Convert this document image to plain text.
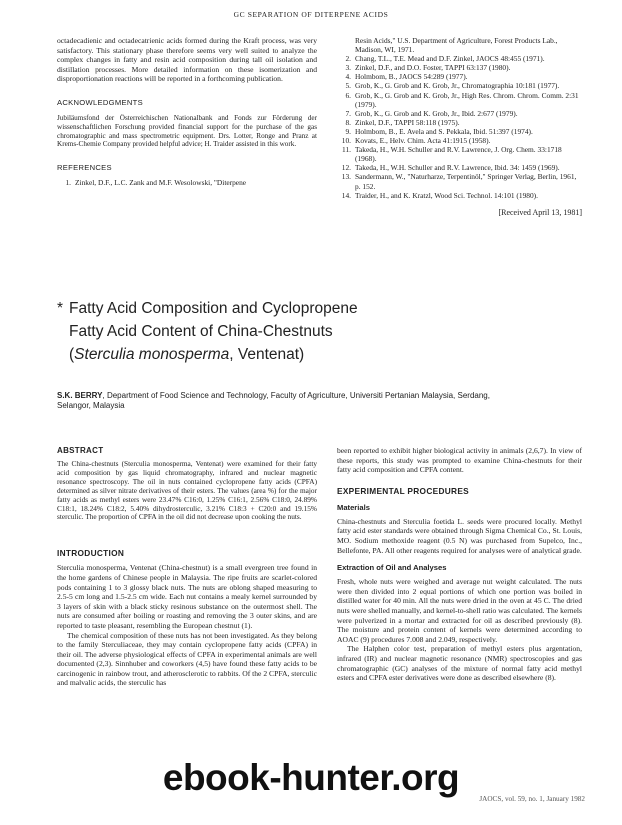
GC SEPARATION OF DITERPENE ACIDS

octadecadienic and octadecatrienic acids formed during the Kraft process, was very satisfactory. This stationary phase therefore seems very well suited to analyze the complex changes in fatty and resin acid composition during tall oil isolation and distillation processes. More detailed information on these isomerization and disproportionation reactions will be reported in a forthcoming publication.

ACKNOWLEDGMENTS

Jubiläumsfond der Österreichischen Nationalbank and Fonds zur Förderung der wissenschaftlichen Forschung provided financial support for the purchase of the gas chromatographic and mass spectrometric equipment. Drs. Lotter, Ronge and Pranz at Krems-Chemie Company provided helpful advice; H. Traider assisted in this work.

REFERENCES

1. Zinkel, D.F., L.C. Zank and M.F. Wesolowski, "Diterpene
Resin Acids," U.S. Department of Agriculture, Forest Products Lab., Madison, WI, 1971.
2. Chang, T.L., T.E. Mead and D.F. Zinkel, JAOCS 48:455 (1971).
3. Zinkel, D.F., and D.O. Foster, TAPPI 63:137 (1980).
4. Holmbom, B., JAOCS 54:289 (1977).
5. Grob, K., G. Grob and K. Grob, Jr., Chromatographia 10:181 (1977).
6. Grob, K., G. Grob and K. Grob, Jr., High Res. Chrom. Chrom. Comm. 2:31 (1979).
7. Grob, K., G. Grob and K. Grob, Jr., Ibid. 2:677 (1979).
8. Zinkel, D.F., TAPPI 58:118 (1975).
9. Holmbom, B., E. Avela and S. Pekkala, Ibid. 51:397 (1974).
10. Kovats, E., Helv. Chim. Acta 41:1915 (1958).
11. Takeda, H., W.H. Schuller and R.V. Lawrence, J. Org. Chem. 33:1718 (1968).
12. Takeda, H., W.H. Schuller and R.V. Lawrence, Ibid. 34: 1459 (1969).
13. Sandermann, W., "Naturharze, Terpentinöl," Springer Verlag, Berlin, 1961, p. 152.
14. Traider, H., and K. Kratzl, Wood Sci. Technol. 14:101 (1980).
[Received April 13, 1981]
* Fatty Acid Composition and Cyclopropene
Fatty Acid Content of China-Chestnuts
(Sterculia monosperma, Ventenat)
S.K. BERRY, Department of Food Science and Technology, Faculty of Agriculture, Universiti Pertanian Malaysia, Serdang, Selangor, Malaysia

ABSTRACT

The China-chestnuts (Sterculia monosperma, Ventenat) were examined for their fatty acid composition by gas liquid chromatography, infrared and nuclear magnetic resonance spectroscopy. The oil in nuts contained cyclopropene fatty acids (CPFA) determined as silver nitrate derivatives of their esters. The values (area %) for the major fatty acids as methyl esters were 23.47% C16:0, 1.25% C16:1, 2.56% C18:0, 24.89% C18:1, 18.24% C18:2, 5.40% dihydrosterculic, 3.21% C18:3 + C20:0 and 19.15% sterculic. The proportion of CPFA in the oil did not decrease upon cooking the nuts.

INTRODUCTION

Sterculia monosperma, Ventenat (China-chestnut) is a small evergreen tree found in the home gardens of Chinese people in Malaysia. The ripe fruits are scarlet-colored pods containing 1 to 3 glossy black nuts. The nuts are oblong shaped measuring to 2.5-5 cm long and 1.5-2.5 cm wide. Each nut contains a mealy kernel surrounded by 3 layers of skin with a black sticky resinous substance on the outermost shell. The nuts are consumed after boiling or roasting and removing the 3 outer skins, and are reported to taste pleasant, resembling the European chestnut (1).

The chemical composition of these nuts has not been investigated. As they belong to the family Sterculiaceae, they may contain cyclopropene fatty acids (CPFA) in their oil. The adverse physiological effects of CPFA in experimental animals are well documented (2,3). Sinnhuber and coworkers (4,5) have found these fatty acids to be carcinogenic in rainbow trout, and atherosclerotic to rabbits. Of the 2 CPFA, sterculic and malvalic acids, the sterculic has

been reported to exhibit higher biological activity in animals (2,6,7). In view of these reports, this study was prompted to examine China-chestnuts for their fatty acid composition and CPFA content.

EXPERIMENTAL PROCEDURES

Materials

China-chestnuts and Sterculia foetida L. seeds were procured locally. Methyl fatty acid ester standards were obtained through Sigma Chemical Co., St. Louis, MO. Sodium methoxide reagent (0.5 N) was purchased from Supelco, Inc., Bellefonte, PA. All other reagents required for analyses were of analytical grade.

Extraction of Oil and Analyses

Fresh, whole nuts were weighed and average nut weight calculated. The nuts were then divided into 2 equal portions of which one portion was boiled in distilled water for 40 min. All the nuts were dried in the oven at 45 C. The dried nuts were shelled manually, and kernel-to-shell ratio was calculated. The kernels were pulverized in a mortar and extracted for oil as described previously (8). The moisture and protein content of kernels were determined according to AOAC (9) procedures 7.008 and 2.049, respectively.

The Halphen color test, preparation of methyl esters plus argentation, infrared (IR) and nuclear magnetic resonance (NMR) spectroscopies and gas chromatographic (GC) analyses of the mixture of normal fatty acid methyl esters and CPFA ester derivatives were done as described elsewhere (8).

JAOCS, vol. 59, no. 1, January 1982
ebook-hunter.org
